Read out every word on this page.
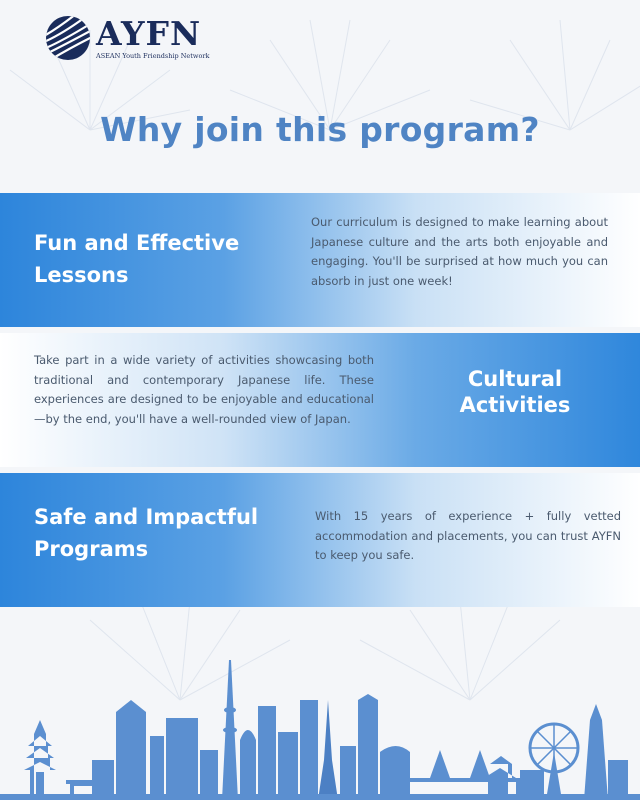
AYFN
ASEAN Youth Friendship Network
Why join this program?
Fun and Effective Lessons
Our curriculum is designed to make learning about Japanese culture and the arts both enjoyable and engaging. You'll be surprised at how much you can absorb in just one week!
Take part in a wide variety of activities showcasing both traditional and contemporary Japanese life. These experiences are designed to be enjoyable and educational—by the end, you'll have a well-rounded view of Japan.
Cultural Activities
Safe and Impactful Programs
With 15 years of experience + fully vetted accommodation and placements, you can trust AYFN to keep you safe.
